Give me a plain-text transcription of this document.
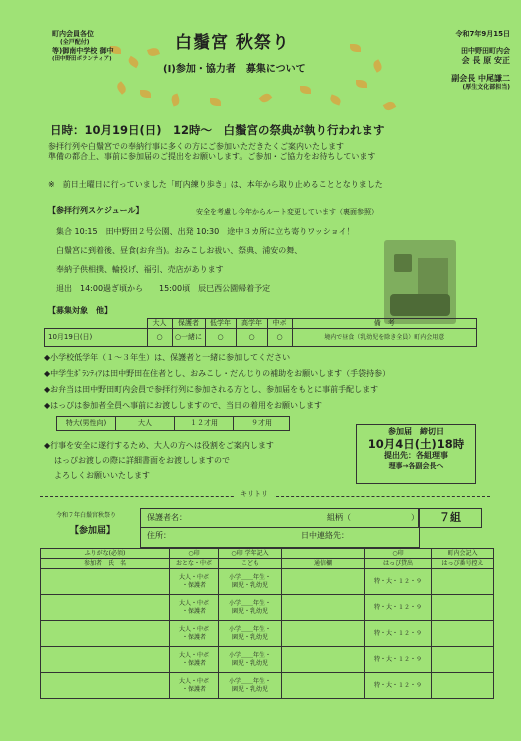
町内会員各位
(全戸配付)
等)御南中学校 御中
(田中野田ボランティア)
白鬚宮 秋祭り
(Ⅰ)参加・協力者　募集について
令和7年9月15日
田中野田町内会
会 長 原 安正
副会長 中尾謙二
(厚生文化部担当)
日時：10月19日(日)　12時～　白鬚宮の祭典が執り行われます
参拝行列や白鬚宮での奉納行事に多くの方にご参加いただきたくご案内いたします
準備の都合上、事前に参加届のご提出をお願いします。ご参加・ご協力をお待ちしています
※　前日土曜日に行っていました「町内練り歩き」は、本年から取り止めることとなりました
【参拝行列スケジュール】	安全を考慮し今年からルート変更しています（裏面参照）
集合 10:15　田中野田２号公園、出発 10:30　途中３カ所に立ち寄りワッショイ！
白鬚宮に到着後、昼食(お弁当)。おみこしお祓い、祭典、浦安の舞、
奉納子供相撲、輪投げ、福引、売店があります
退出　14:00過ぎ頃から　　15:00頃　辰巳西公園帰着予定
【募集対象　他】
	大人	保護者	低学年	高学年	中ボ	備　考
10月19日(日)	○	○一緒に	○	○	○	境内で昼食（乳幼児を除き全員）町内会用意
◆小学校低学年（１～３年生）は、保護者と一緒に参加してください
◆中学生ﾎﾞﾗﾝﾃｨｱは田中野田在住者とし、おみこし・だんじりの補助をお願いします（手袋持参）
◆お弁当は田中野田町内会員で参拝行列に参加される方とし、参加届をもとに事前手配します
◆はっぴは参加者全員へ事前にお渡ししますので、当日の着用をお願いします
特大(男性向)	大人	１２才用	９才用
◆行事を安全に遂行するため、大人の方へは役割をご案内します
はっぴお渡しの際に詳細書面をお渡ししますので
よろしくお願いいたします
参加届　締切日
10月4日(土)18時
提出先：各組理事
理事→各副会長へ
キリトリ
令和７年白鬚宮秋祭り
【参加届】
保護者名：	組柄（	）
住所：	日中連絡先：
７組
ふりがな(必須)	○印	○印 学年記入		○印	町内会記入
参加者　氏　名	おとな・中ボ	こども	通信欄	はっぴ貸出	はっぴ番号控え
	大人・中ボ
・保護者	小学＿＿年生・
園児・乳幼児		特・大・１２・９	
	大人・中ボ
・保護者	小学＿＿年生・
園児・乳幼児		特・大・１２・９	
	大人・中ボ
・保護者	小学＿＿年生・
園児・乳幼児		特・大・１２・９	
	大人・中ボ
・保護者	小学＿＿年生・
園児・乳幼児		特・大・１２・９	
	大人・中ボ
・保護者	小学＿＿年生・
園児・乳幼児		特・大・１２・９	
